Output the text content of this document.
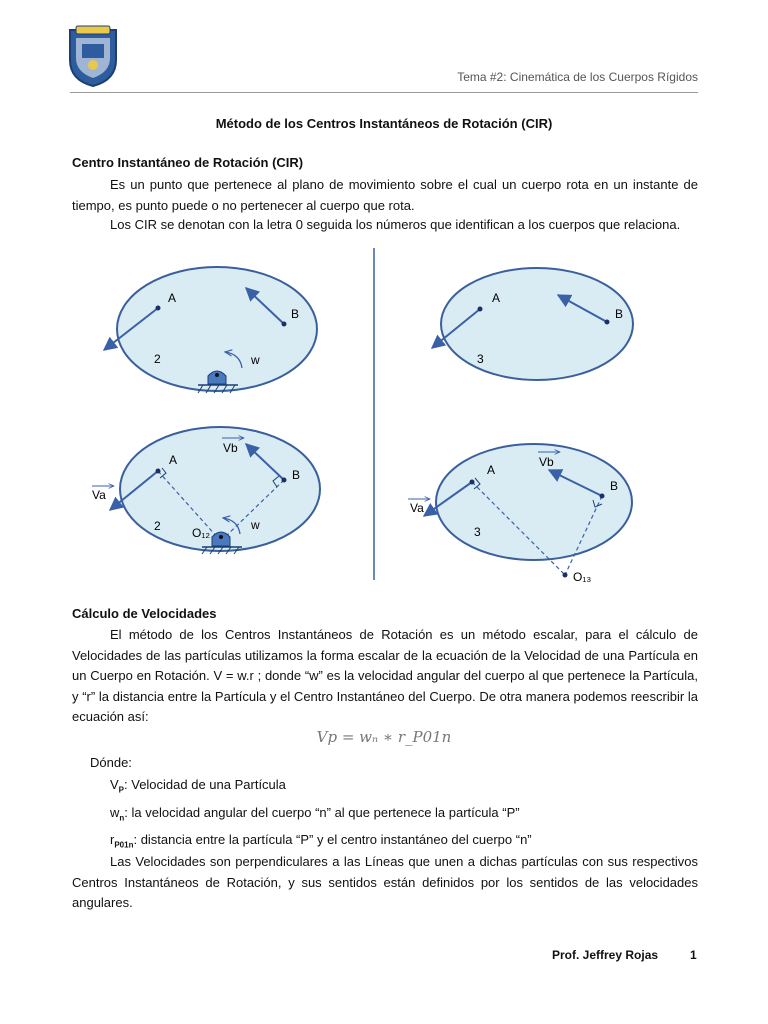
Tema #2: Cinemática de los Cuerpos Rígidos
Método de los Centros Instantáneos de Rotación (CIR)
Centro Instantáneo de Rotación (CIR)
Es un punto que pertenece al plano de movimiento sobre el cual un cuerpo rota en un instante de tiempo, es punto puede o no pertenecer al cuerpo que rota.
Los CIR se denotan con la letra 0 seguida los números que identifican a los cuerpos que relaciona.
A
B
2	w
A
B
3
A
B
Vb
Va
2	w
O₁₂
A
B
Vb
Va
3
O₁₃
Cálculo de Velocidades
El método de los Centros Instantáneos de Rotación es un método escalar, para el cálculo de Velocidades de las partículas utilizamos la forma escalar de la ecuación de la Velocidad de una Partícula en un Cuerpo en Rotación. V = w.r ; donde “w” es la velocidad angular del cuerpo al que pertenece la Partícula, y “r” la distancia entre la Partícula y el Centro Instantáneo del Cuerpo. De otra manera podemos reescribir la ecuación así:
Vp = wₙ ∗ r_P01n
Dónde:
$V_P$: Velocidad de una Partícula
$w_n$: la velocidad angular del cuerpo “n” al que pertenece la partícula “P”
$r_{P01n}$: distancia entre la partícula “P” y el centro instantáneo del cuerpo “n”
Las Velocidades son perpendiculares a las Líneas que unen a dichas partículas con sus respectivos Centros Instantáneos de Rotación, y sus sentidos están definidos por los sentidos de las velocidades angulares.
Prof. Jeffrey Rojas	1
